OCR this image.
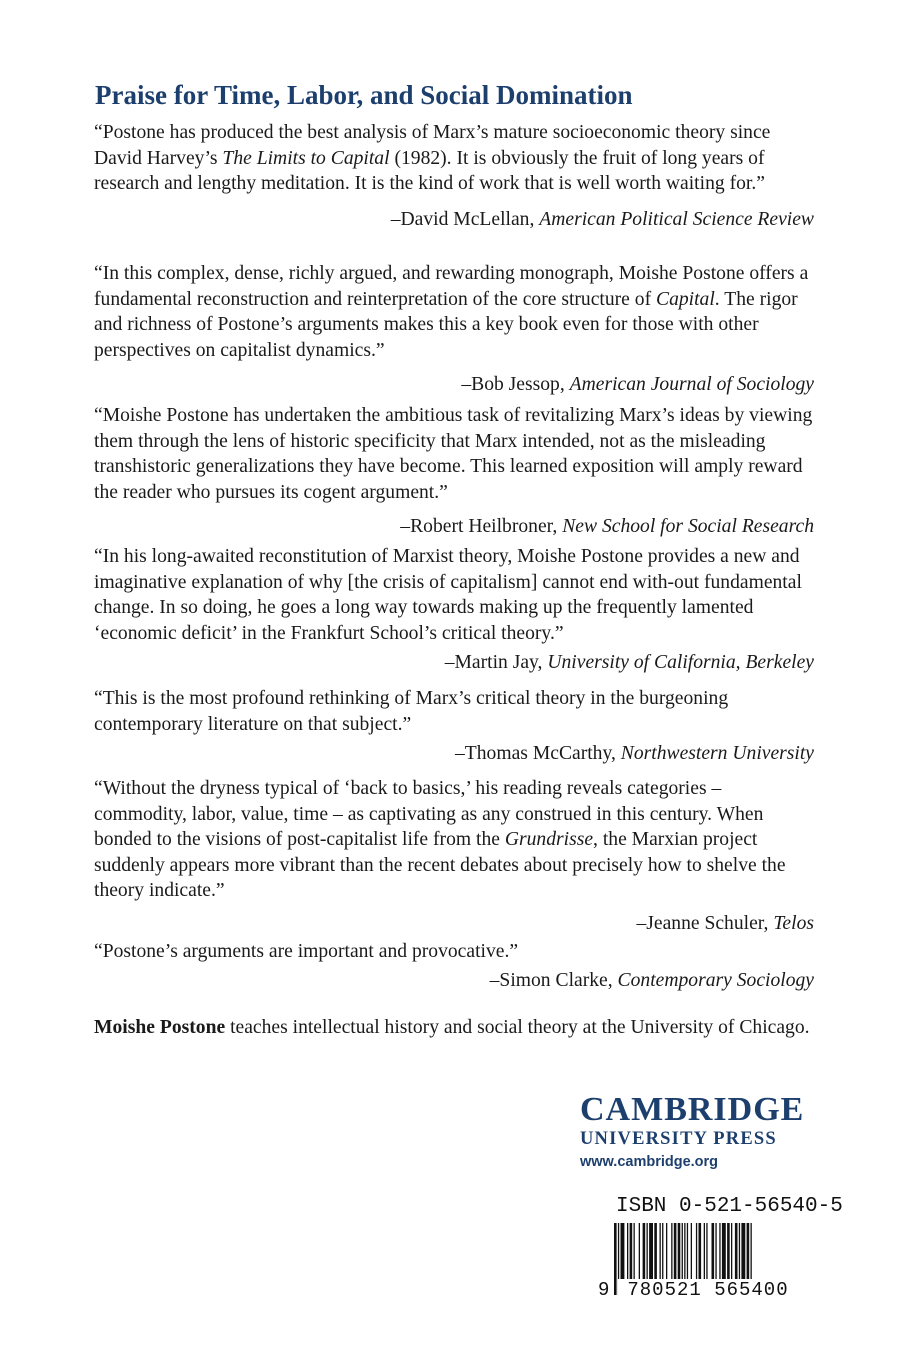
Praise for Time, Labor, and Social Domination

“Postone has produced the best analysis of Marx’s mature socioeconomic theory since David Harvey’s The Limits to Capital (1982). It is obviously the fruit of long years of research and lengthy meditation. It is the kind of work that is well worth waiting for.”

–David McLellan, American Political Science Review

“In this complex, dense, richly argued, and rewarding monograph, Moishe Postone offers a fundamental reconstruction and reinterpretation of the core structure of Capital. The rigor and richness of Postone’s arguments makes this a key book even for those with other perspectives on capitalist dynamics.”

–Bob Jessop, American Journal of Sociology

“Moishe Postone has undertaken the ambitious task of revitalizing Marx’s ideas by viewing them through the lens of historic specificity that Marx intended, not as the misleading transhistoric generalizations they have become. This learned exposition will amply reward the reader who pursues its cogent argument.”

–Robert Heilbroner, New School for Social Research

“In his long-awaited reconstitution of Marxist theory, Moishe Postone provides a new and imaginative explanation of why [the crisis of capitalism] cannot end with-out fundamental change. In so doing, he goes a long way towards making up the frequently lamented ‘economic deficit’ in the Frankfurt School’s critical theory.”

–Martin Jay, University of California, Berkeley

“This is the most profound rethinking of Marx’s critical theory in the burgeoning contemporary literature on that subject.”

–Thomas McCarthy, Northwestern University

“Without the dryness typical of ‘back to basics,’ his reading reveals categories – commodity, labor, value, time – as captivating as any construed in this century. When bonded to the visions of post-capitalist life from the Grundrisse, the Marxian project suddenly appears more vibrant than the recent debates about precisely how to shelve the theory indicate.”

–Jeanne Schuler, Telos

“Postone’s arguments are important and provocative.”

–Simon Clarke, Contemporary Sociology

Moishe Postone teaches intellectual history and social theory at the University of Chicago.

CAMBRIDGE
UNIVERSITY PRESS
www.cambridge.org
ISBN 0-521-56540-5
9 780521 565400
